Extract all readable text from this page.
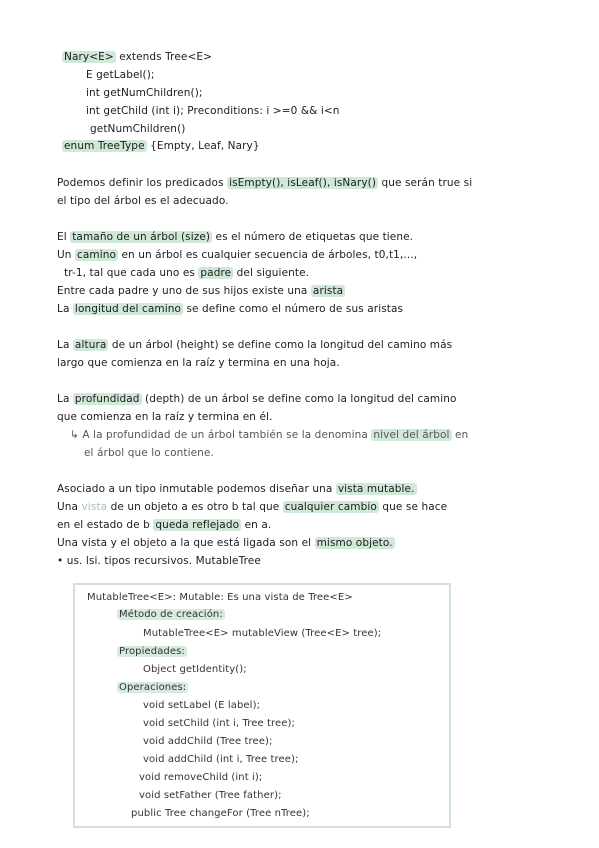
Nary<E> extends Tree<E>
E getLabel();
int getNumChildren();
int getChild (int i); Preconditions: i >=0 && i<n
getNumChildren()
enum TreeType {Empty, Leaf, Nary}
Podemos definir los predicados isEmpty(), isLeaf(), isNary() que serán true si
el tipo del árbol es el adecuado.
El tamaño de un árbol (size) es el número de etiquetas que tiene.
Un camino en un árbol es cualquier secuencia de árboles, t0,t1,...,
tr-1, tal que cada uno es padre del siguiente.
Entre cada padre y uno de sus hijos existe una arista
La longitud del camino se define como el número de sus aristas
La altura de un árbol (height) se define como la longitud del camino más
largo que comienza en la raíz y termina en una hoja.
La profundidad (depth) de un árbol se define como la longitud del camino
que comienza en la raíz y termina en él.
↳ A la profundidad de un árbol también se la denomina nivel del árbol en
el árbol que lo contiene.
Asociado a un tipo inmutable podemos diseñar una vista mutable.
Una vista de un objeto a es otro b tal que cualquier cambio que se hace
en el estado de b queda reflejado en a.
Una vista y el objeto a la que está ligada son el mismo objeto.
• us. lsi. tipos recursivos. MutableTree
MutableTree<E>: Mutable: Es una vista de Tree<E>
Método de creación:
MutableTree<E> mutableView (Tree<E> tree);
Propiedades:
Object getIdentity();
Operaciones:
void setLabel (E label);
void setChild (int i, Tree tree);
void addChild (Tree tree);
void addChild (int i, Tree tree);
void removeChild (int i);
void setFather (Tree father);
public Tree changeFor (Tree nTree);
